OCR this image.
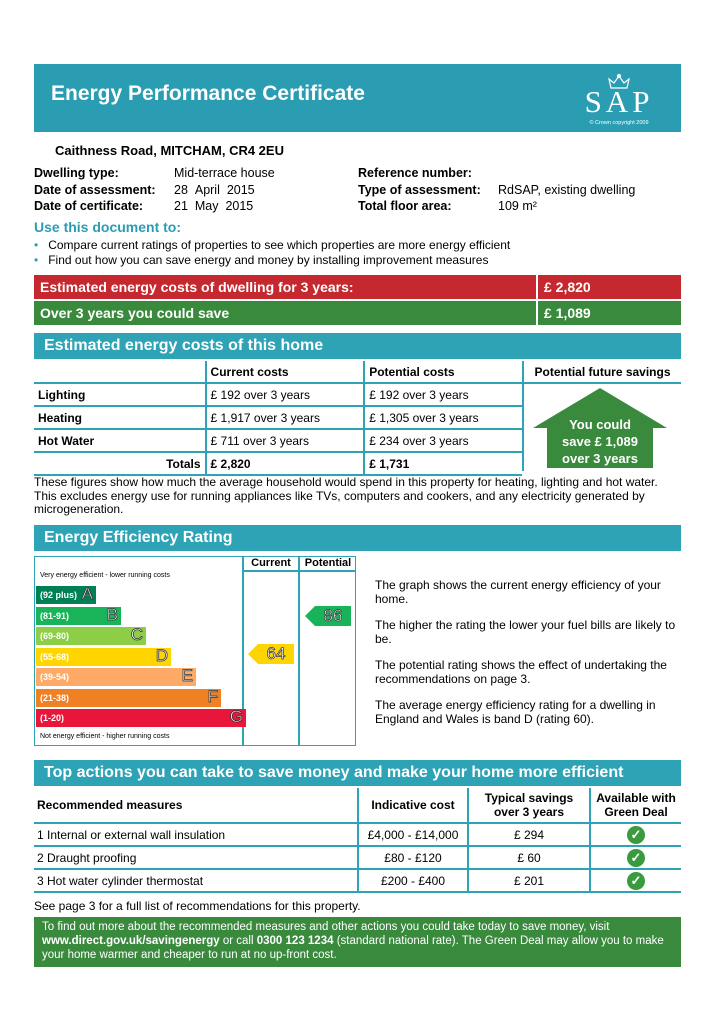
Energy Performance Certificate	SAP
© Crown copyright 2009
Caithness Road, MITCHAM, CR4 2EU
Dwelling type:	Mid-terrace house
Date of assessment: 28 April 2015
Date of certificate: 21 May 2015
Reference number:
Type of assessment: RdSAP, existing dwelling
Total floor area:	109 m²
Use this document to:
• Compare current ratings of properties to see which properties are more energy efficient
• Find out how you can save energy and money by installing improvement measures
Estimated energy costs of dwelling for 3 years:	£ 2,820
Over 3 years you could save	£ 1,089
Estimated energy costs of this home
	Current costs	Potential costs
Lighting	£ 192 over 3 years	£ 192 over 3 years
Heating	£ 1,917 over 3 years	£ 1,305 over 3 years
Hot Water	£ 711 over 3 years	£ 234 over 3 years
Totals	£ 2,820	£ 1,731
Potential future savings
You could
save £ 1,089
over 3 years
These figures show how much the average household would spend in this property for heating, lighting and hot water. This excludes energy use for running appliances like TVs, computers and cookers, and any electricity generated by microgeneration.
Energy Efficiency Rating
Current	Potential
Very energy efficient - lower running costs
Not energy efficient - higher running costs
(92 plus) A
(81-91) B
(69-80)	C
(55-68)	D
(39-54)	E
(21-38)	F
(1-20)	G
64
86
The graph shows the current energy efficiency of your home.
The higher the rating the lower your fuel bills are likely to be.
The potential rating shows the effect of undertaking the recommendations on page 3.
The average energy efficiency rating for a dwelling in England and Wales is band D (rating 60).
Top actions you can take to save money and make your home more efficient
Recommended measures	Indicative cost	Typical savings over 3 years	Available with Green Deal
1 Internal or external wall insulation	£4,000 - £14,000	£ 294	✓
2 Draught proofing	£80 - £120	£ 60	✓
3 Hot water cylinder thermostat	£200 - £400	£ 201	✓
See page 3 for a full list of recommendations for this property.
To find out more about the recommended measures and other actions you could take today to save money, visit www.direct.gov.uk/savingenergy or call 0300 123 1234 (standard national rate). The Green Deal may allow you to make your home warmer and cheaper to run at no up-front cost.
